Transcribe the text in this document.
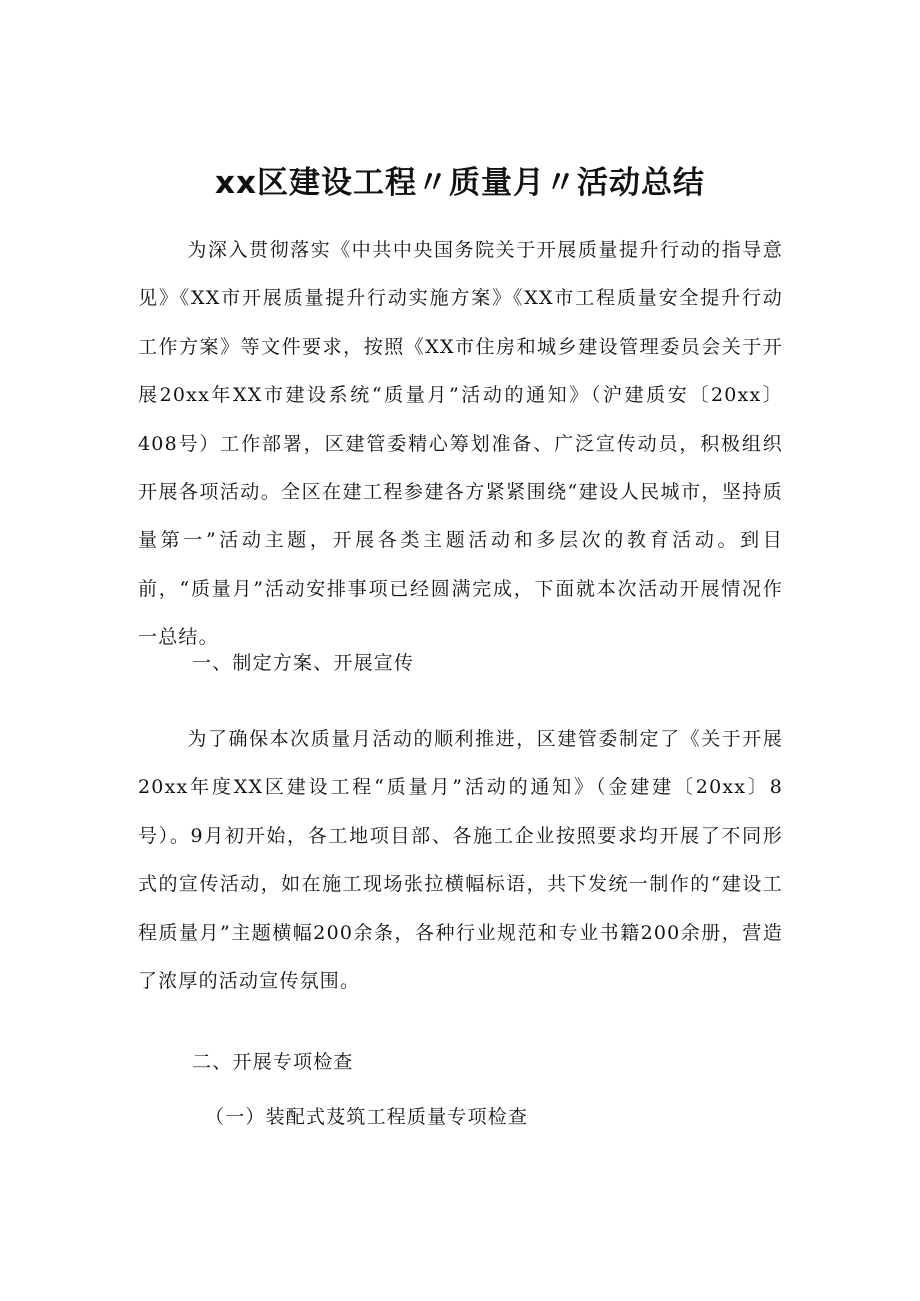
xx区建设工程〃质量月〃活动总结

为深入贯彻落实《中共中央国务院关于开展质量提升行动的指导意见》《XX市开展质量提升行动实施方案》《XX市工程质量安全提升行动工作方案》等文件要求，按照《XX市住房和城乡建设管理委员会关于开展20xx年XX市建设系统“质量月”活动的通知》（沪建质安〔20xx〕408号）工作部署，区建管委精心筹划准备、广泛宣传动员，积极组织开展各项活动。全区在建工程参建各方紧紧围绕“建设人民城市，坚持质量第一”活动主题，开展各类主题活动和多层次的教育活动。到目前，“质量月”活动安排事项已经圆满完成，下面就本次活动开展情况作一总结。

一、制定方案、开展宣传

为了确保本次质量月活动的顺利推进，区建管委制定了《关于开展20xx年度XX区建设工程“质量月”活动的通知》（金建建〔20xx〕8号）。9月初开始，各工地项目部、各施工企业按照要求均开展了不同形式的宣传活动，如在施工现场张拉横幅标语，共下发统一制作的“建设工程质量月”主题横幅200余条，各种行业规范和专业书籍200余册，营造了浓厚的活动宣传氛围。

二、开展专项检查

（一）装配式芨筑工程质量专项检查
